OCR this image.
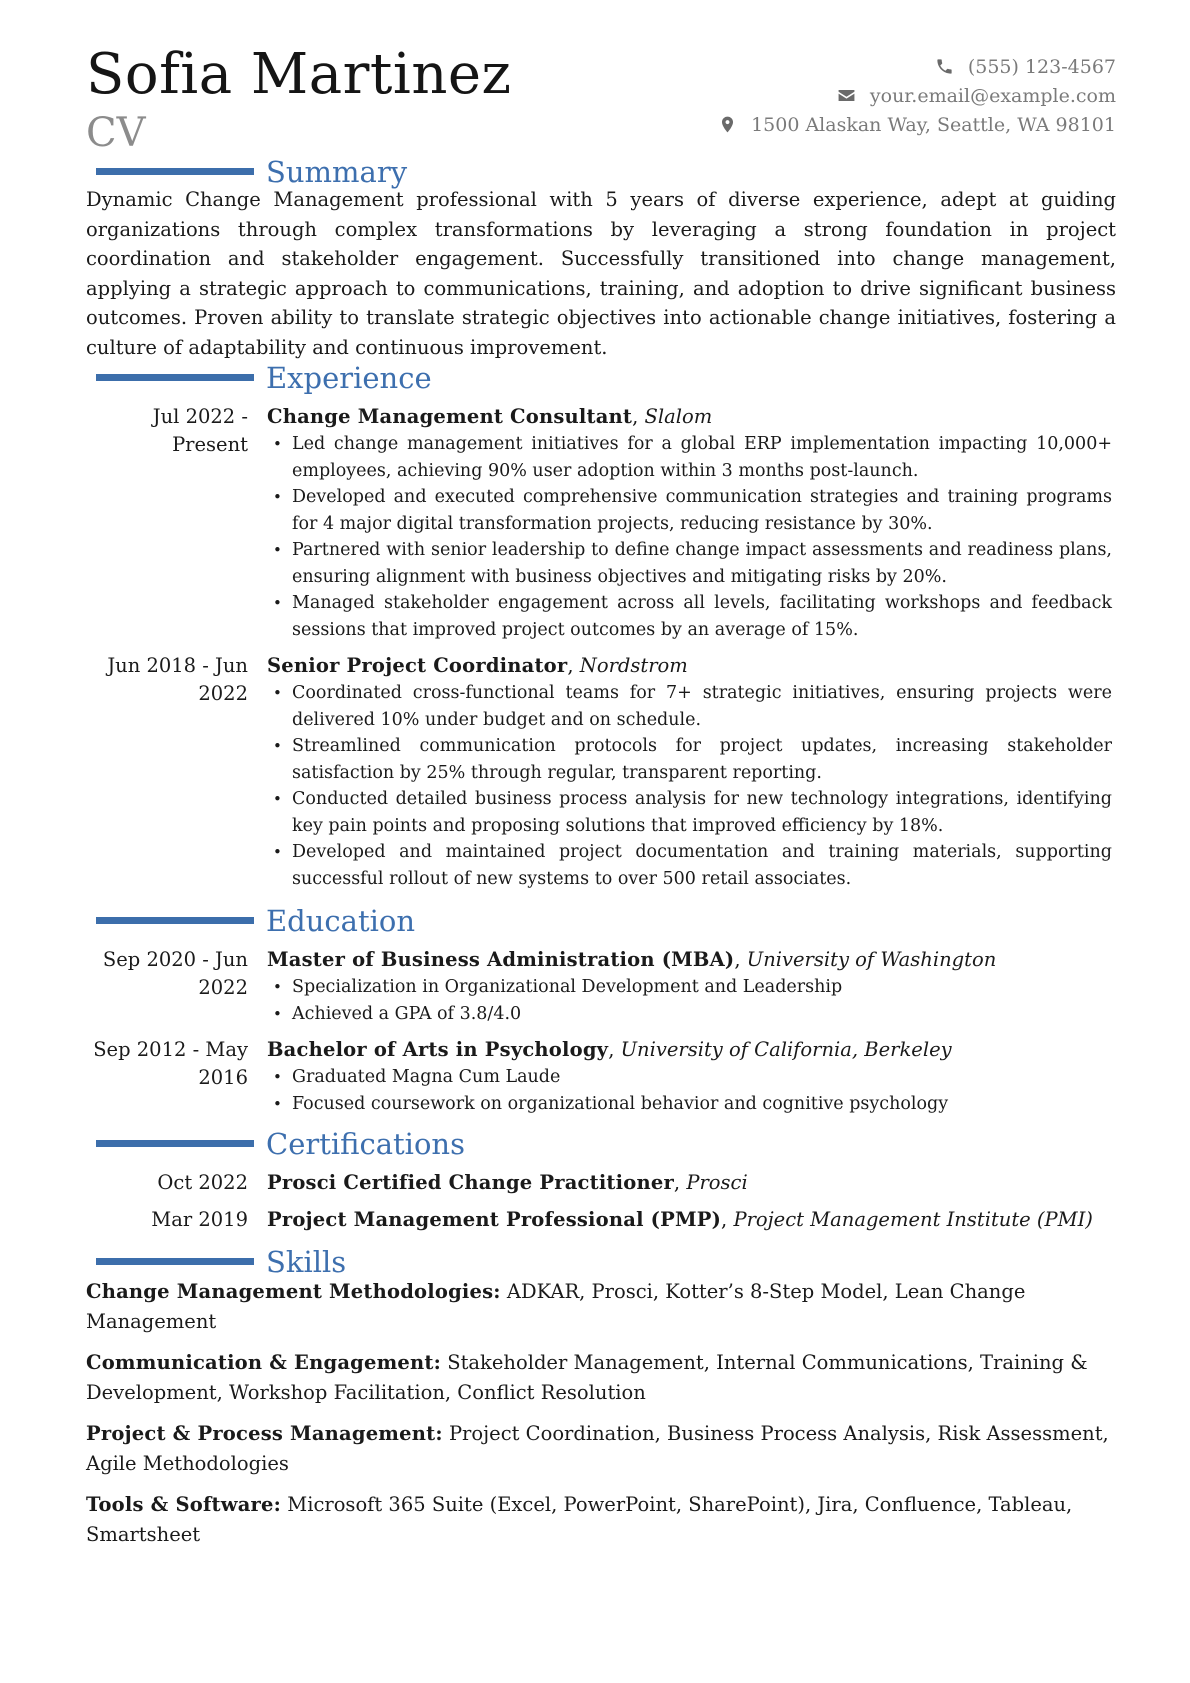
Sofia Martinez
CV
(555) 123-4567
your.email@example.com
1500 Alaskan Way, Seattle, WA 98101
Summary
Dynamic Change Management professional with 5 years of diverse experience, adept at guiding organizations through complex transformations by leveraging a strong foundation in project coordination and stakeholder engagement. Successfully transitioned into change management, applying a strategic approach to communications, training, and adoption to drive significant business outcomes. Proven ability to translate strategic objectives into actionable change initiatives, fostering a culture of adaptability and continuous improvement.
Experience
Jul 2022 - Present
Change Management Consultant, Slalom
• Led change management initiatives for a global ERP implementation impacting 10,000+ employees, achieving 90% user adoption within 3 months post-launch.
• Developed and executed comprehensive communication strategies and training programs for 4 major digital transformation projects, reducing resistance by 30%.
• Partnered with senior leadership to define change impact assessments and readiness plans, ensuring alignment with business objectives and mitigating risks by 20%.
• Managed stakeholder engagement across all levels, facilitating workshops and feedback sessions that improved project outcomes by an average of 15%.
Jun 2018 - Jun 2022
Senior Project Coordinator, Nordstrom
• Coordinated cross-functional teams for 7+ strategic initiatives, ensuring projects were delivered 10% under budget and on schedule.
• Streamlined communication protocols for project updates, increasing stakeholder satisfaction by 25% through regular, transparent reporting.
• Conducted detailed business process analysis for new technology integrations, identifying key pain points and proposing solutions that improved efficiency by 18%.
• Developed and maintained project documentation and training materials, supporting successful rollout of new systems to over 500 retail associates.
Education
Sep 2020 - Jun 2022
Master of Business Administration (MBA), University of Washington
• Specialization in Organizational Development and Leadership
• Achieved a GPA of 3.8/4.0
Sep 2012 - May 2016
Bachelor of Arts in Psychology, University of California, Berkeley
• Graduated Magna Cum Laude
• Focused coursework on organizational behavior and cognitive psychology
Certifications
Oct 2022 Prosci Certified Change Practitioner, Prosci
Mar 2019 Project Management Professional (PMP), Project Management Institute (PMI)
Skills
Change Management Methodologies: ADKAR, Prosci, Kotter’s 8-Step Model, Lean Change Management
Communication & Engagement: Stakeholder Management, Internal Communications, Training & Development, Workshop Facilitation, Conflict Resolution
Project & Process Management: Project Coordination, Business Process Analysis, Risk Assessment, Agile Methodologies
Tools & Software: Microsoft 365 Suite (Excel, PowerPoint, SharePoint), Jira, Confluence, Tableau, Smartsheet
